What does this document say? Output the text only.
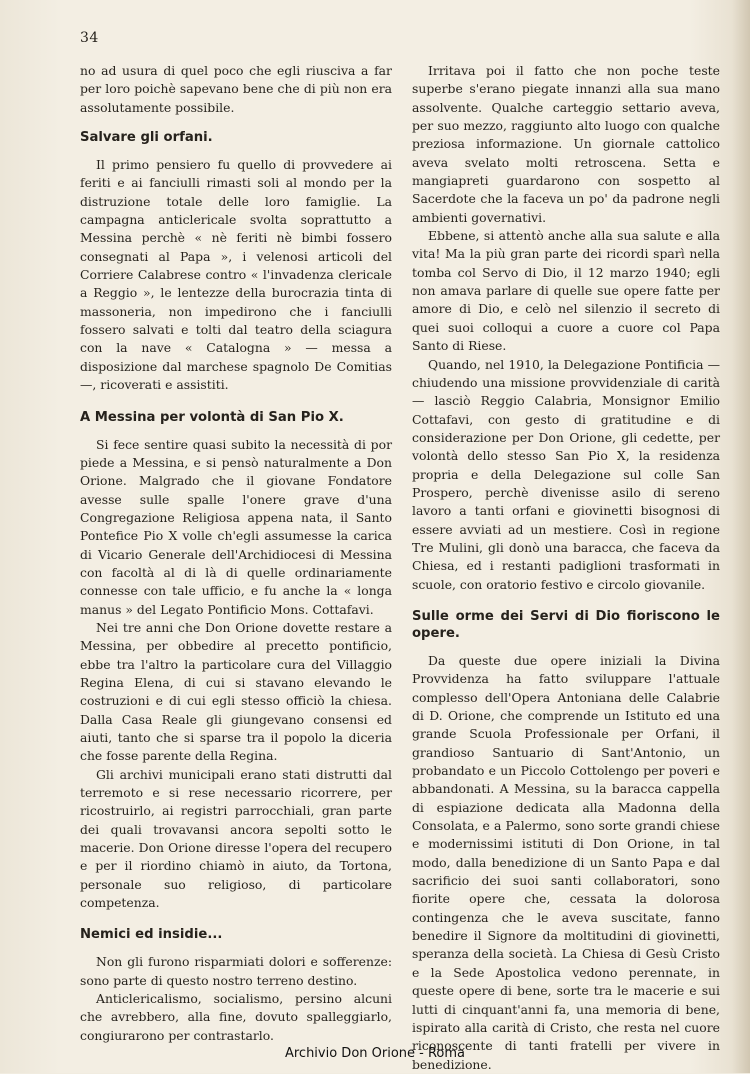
34

no ad usura di quel poco che egli riusciva a far per loro poichè sapevano bene che di più non era assolutamente possibile.

Salvare gli orfani.

Il primo pensiero fu quello di provvedere ai feriti e ai fanciulli rimasti soli al mondo per la distruzione totale delle loro famiglie. La campagna anticlericale svolta soprattutto a Messina perchè « nè feriti nè bimbi fossero consegnati al Papa », i velenosi articoli del Corriere Calabrese contro « l'invadenza clericale a Reggio », le lentezze della burocrazia tinta di massoneria, non impedirono che i fanciulli fossero salvati e tolti dal teatro della sciagura con la nave « Catalogna » — messa a disposizione dal marchese spagnolo De Comitias —, ricoverati e assistiti.

A Messina per volontà di San Pio X.

Si fece sentire quasi subito la necessità di por piede a Messina, e si pensò naturalmente a Don Orione. Malgrado che il giovane Fondatore avesse sulle spalle l'onere grave d'una Congregazione Religiosa appena nata, il Santo Pontefice Pio X volle ch'egli assumesse la carica di Vicario Generale dell'Archidiocesi di Messina con facoltà al di là di quelle ordinariamente connesse con tale ufficio, e fu anche la « longa manus » del Legato Pontificio Mons. Cottafavi.

Nei tre anni che Don Orione dovette restare a Messina, per obbedire al precetto pontificio, ebbe tra l'altro la particolare cura del Villaggio Regina Elena, di cui si stavano elevando le costruzioni e di cui egli stesso officiò la chiesa. Dalla Casa Reale gli giungevano consensi ed aiuti, tanto che si sparse tra il popolo la diceria che fosse parente della Regina.

Gli archivi municipali erano stati distrutti dal terremoto e si rese necessario ricorrere, per ricostruirlo, ai registri parrocchiali, gran parte dei quali trovavansi ancora sepolti sotto le macerie. Don Orione diresse l'opera del recupero e per il riordino chiamò in aiuto, da Tortona, personale suo religioso, di particolare competenza.

Nemici ed insidie...

Non gli furono risparmiati dolori e sofferenze: sono parte di questo nostro terreno destino.

Anticlericalismo, socialismo, persino alcuni che avrebbero, alla fine, dovuto spalleggiarlo, congiurarono per contrastarlo.

Irritava poi il fatto che non poche teste superbe s'erano piegate innanzi alla sua mano assolvente. Qualche carteggio settario aveva, per suo mezzo, raggiunto alto luogo con qualche preziosa informazione. Un giornale cattolico aveva svelato molti retroscena. Setta e mangiapreti guardarono con sospetto al Sacerdote che la faceva un po' da padrone negli ambienti governativi.

Ebbene, si attentò anche alla sua salute e alla vita! Ma la più gran parte dei ricordi sparì nella tomba col Servo di Dio, il 12 marzo 1940; egli non amava parlare di quelle sue opere fatte per amore di Dio, e celò nel silenzio il secreto di quei suoi colloqui a cuore a cuore col Papa Santo di Riese.

Quando, nel 1910, la Delegazione Pontificia — chiudendo una missione provvidenziale di carità — lasciò Reggio Calabria, Monsignor Emilio Cottafavi, con gesto di gratitudine e di considerazione per Don Orione, gli cedette, per volontà dello stesso San Pio X, la residenza propria e della Delegazione sul colle San Prospero, perchè divenisse asilo di sereno lavoro a tanti orfani e giovinetti bisognosi di essere avviati ad un mestiere. Così in regione Tre Mulini, gli donò una baracca, che faceva da Chiesa, ed i restanti padiglioni trasformati in scuole, con oratorio festivo e circolo giovanile.

Sulle orme dei Servi di Dio fioriscono le opere.

Da queste due opere iniziali la Divina Provvidenza ha fatto sviluppare l'attuale complesso dell'Opera Antoniana delle Calabrie di D. Orione, che comprende un Istituto ed una grande Scuola Professionale per Orfani, il grandioso Santuario di Sant'Antonio, un probandato e un Piccolo Cottolengo per poveri e abbandonati. A Messina, su la baracca cappella di espiazione dedicata alla Madonna della Consolata, e a Palermo, sono sorte grandi chiese e modernissimi istituti di Don Orione, in tal modo, dalla benedizione di un Santo Papa e dal sacrificio dei suoi santi collaboratori, sono fiorite opere che, cessata la dolorosa contingenza che le aveva suscitate, fanno benedire il Signore da moltitudini di giovinetti, speranza della società. La Chiesa di Gesù Cristo e la Sede Apostolica vedono perennate, in queste opere di bene, sorte tra le macerie e sui lutti di cinquant'anni fa, una memoria di bene, ispirato alla carità di Cristo, che resta nel cuore riconoscente di tanti fratelli per vivere in benedizione.

Archivio Don Orione - Roma
